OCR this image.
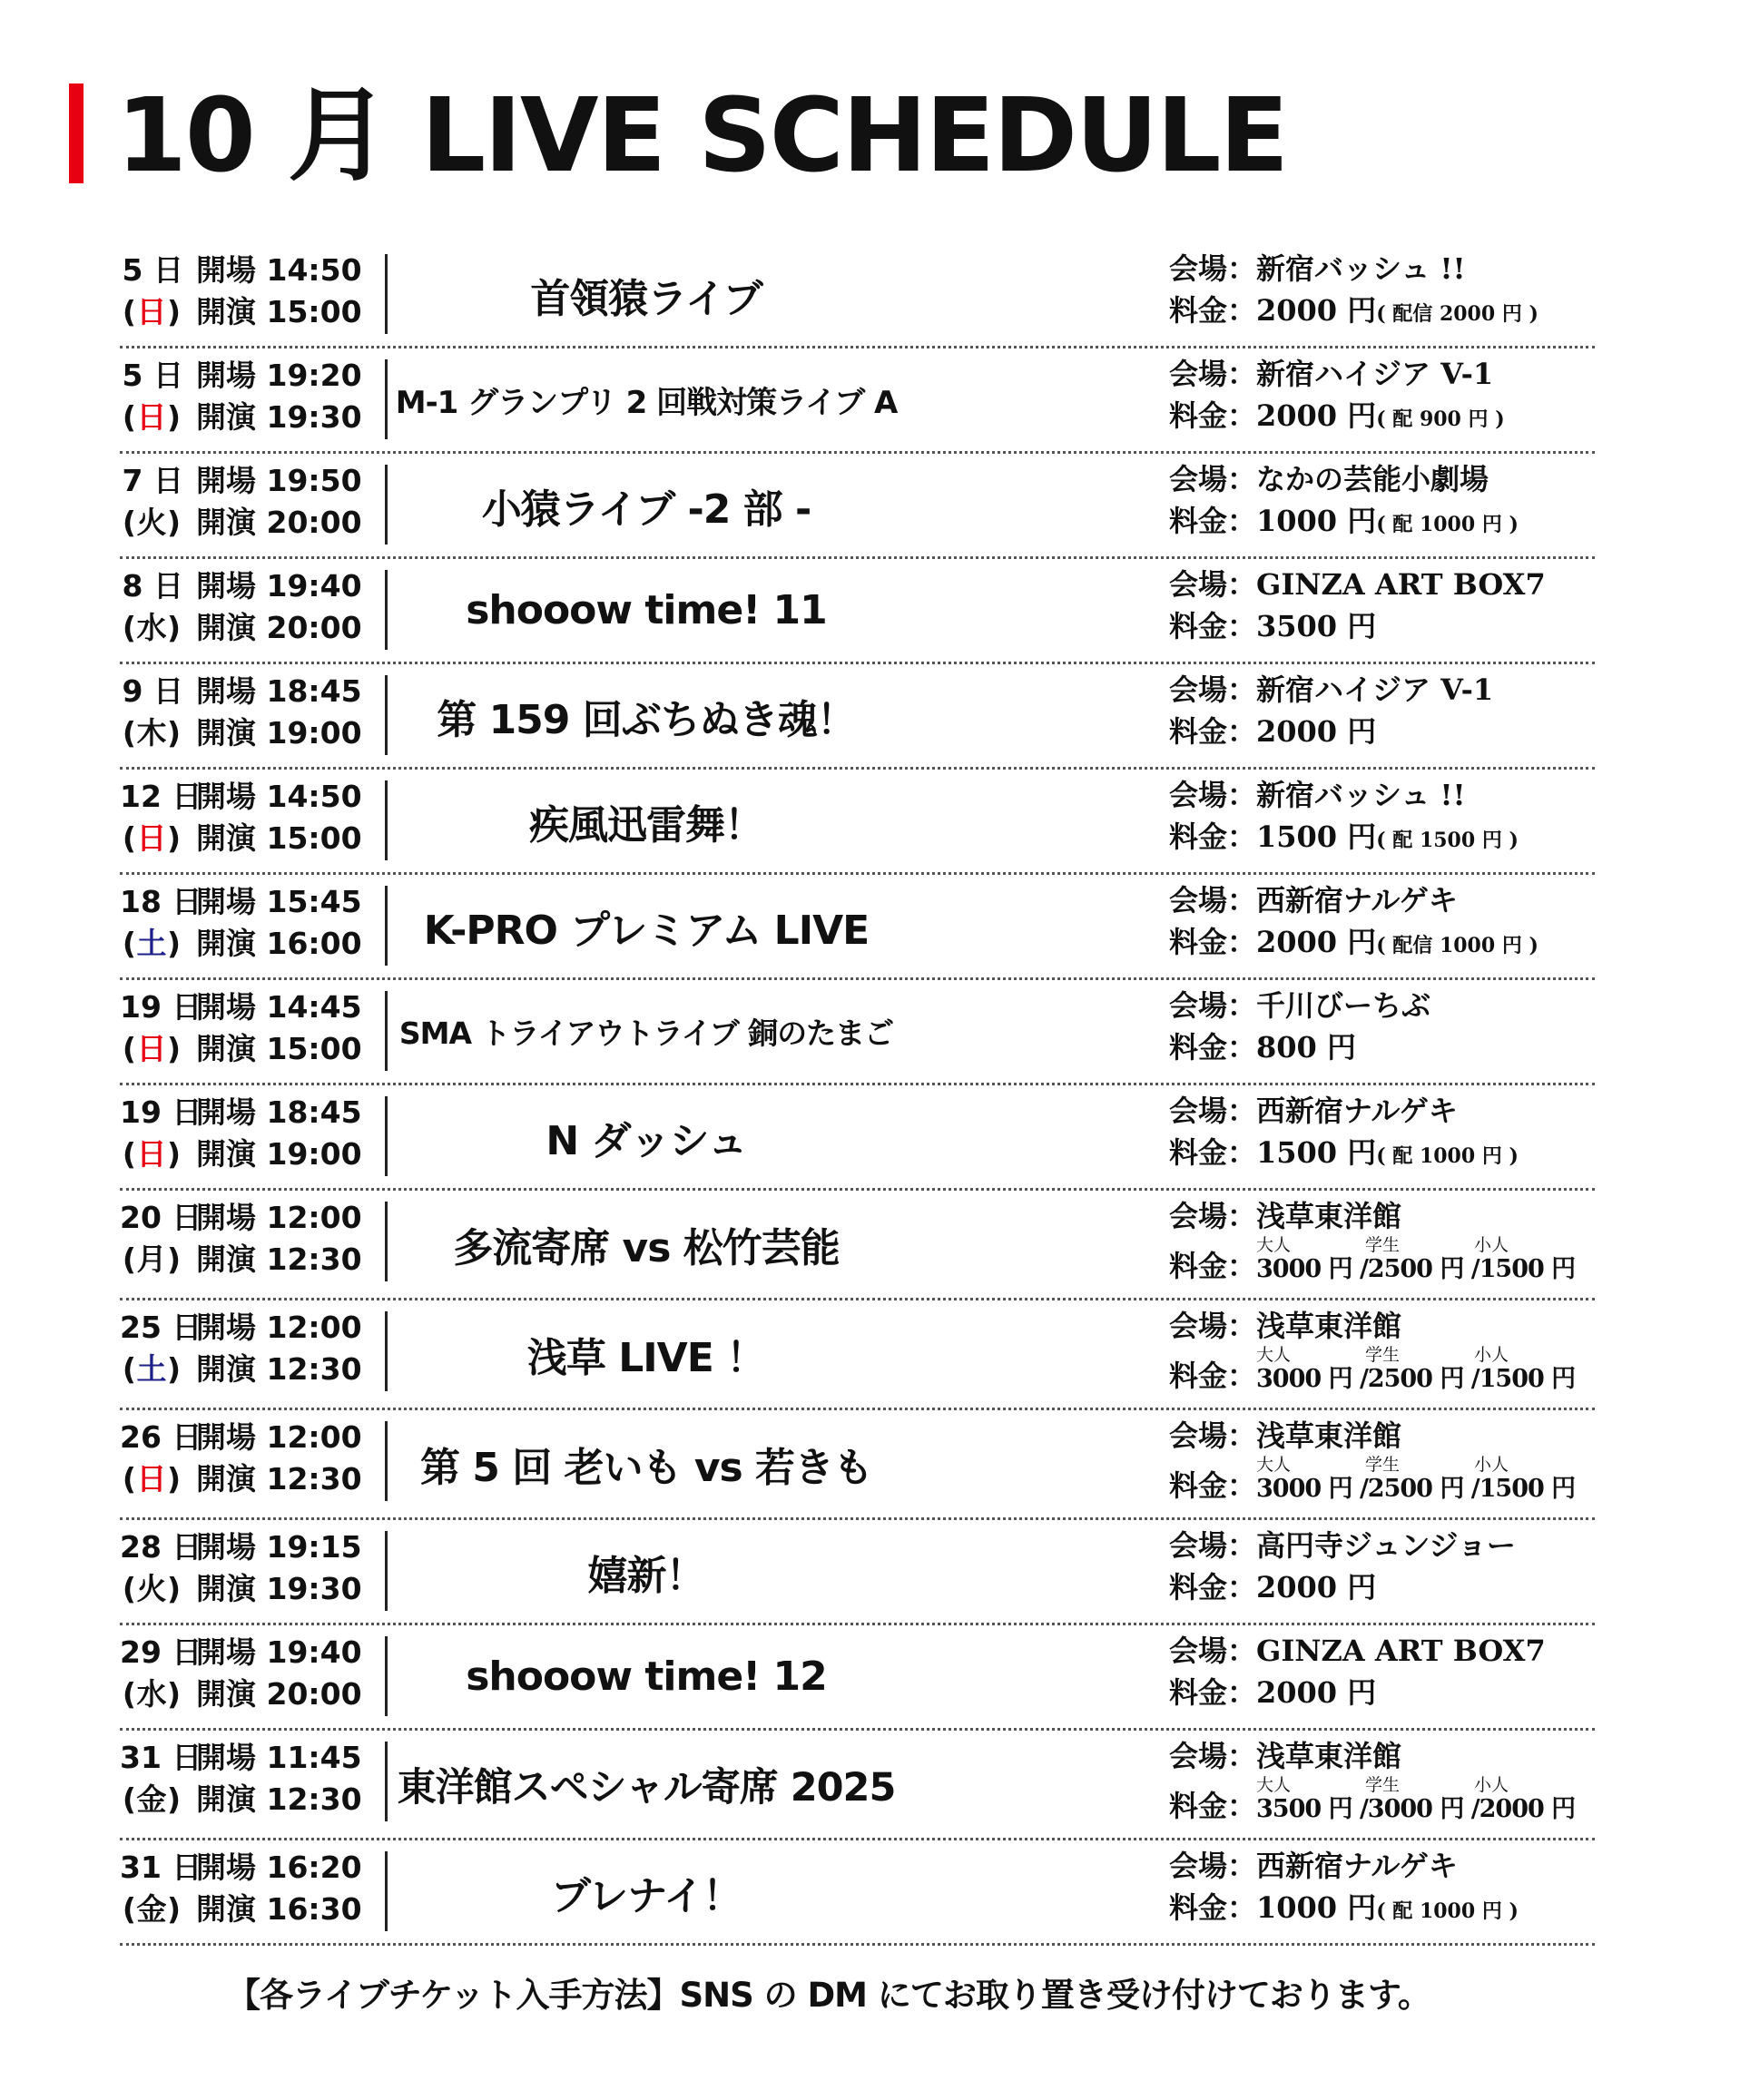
10 月 LIVE SCHEDULE
5 日 開場 14:50
(日) 開演 15:00	首領猿ライブ
会場：新宿バッシュ !!
料金：2000 円( 配信 2000 円 )
5 日 開場 19:20
(日) 開演 19:30	M-1 グランプリ 2 回戦対策ライブ A
会場：新宿ハイジア V-1
料金：2000 円( 配 900 円 )
7 日 開場 19:50
(火) 開演 20:00	小猿ライブ -2 部 -
会場：なかの芸能小劇場
料金：1000 円( 配 1000 円 )
8 日 開場 19:40
(水) 開演 20:00	shooow time! 11
会場：GINZA ART BOX7
料金：3500 円
9 日 開場 18:45
(木) 開演 19:00	第 159 回ぶちぬき魂！
会場：新宿ハイジア V-1
料金：2000 円
12 日開場 14:50
(日) 開演 15:00	疾風迅雷舞！
会場：新宿バッシュ !!
料金：1500 円( 配 1500 円 )
18 日開場 15:45
(土) 開演 16:00	K-PRO プレミアム LIVE
会場：西新宿ナルゲキ
料金：2000 円( 配信 1000 円 )
19 日開場 14:45
(日) 開演 15:00	SMA トライアウトライブ 銅のたまご
会場：千川びーちぶ
料金：800 円
19 日開場 18:45
(日) 開演 19:00	N ダッシュ
会場：西新宿ナルゲキ
料金：1500 円( 配 1000 円 )
20 日開場 12:00
(月) 開演 12:30	多流寄席 vs 松竹芸能
会場：浅草東洋館
料金：
大人	学生	小人
3000 円 /2500 円 /1500 円
25 日開場 12:00
(土) 開演 12:30	浅草 LIVE ！
会場：浅草東洋館
料金：
大人	学生	小人
3000 円 /2500 円 /1500 円
26 日開場 12:00
(日) 開演 12:30	第 5 回 老いも vs 若きも
会場：浅草東洋館
料金：
大人	学生	小人
3000 円 /2500 円 /1500 円
28 日開場 19:15
(火) 開演 19:30	嬉新！
会場：高円寺ジュンジョー
料金：2000 円
29 日開場 19:40
(水) 開演 20:00	shooow time! 12
会場：GINZA ART BOX7
料金：2000 円
31 日開場 11:45
(金) 開演 12:30 東洋館スペシャル寄席 2025
会場：浅草東洋館
料金：
大人	学生	小人
3500 円 /3000 円 /2000 円
31 日開場 16:20
(金) 開演 16:30	ブレナイ！
会場：西新宿ナルゲキ
料金：1000 円( 配 1000 円 )
【各ライブチケット入手方法】SNS の DM にてお取り置き受け付けております。
